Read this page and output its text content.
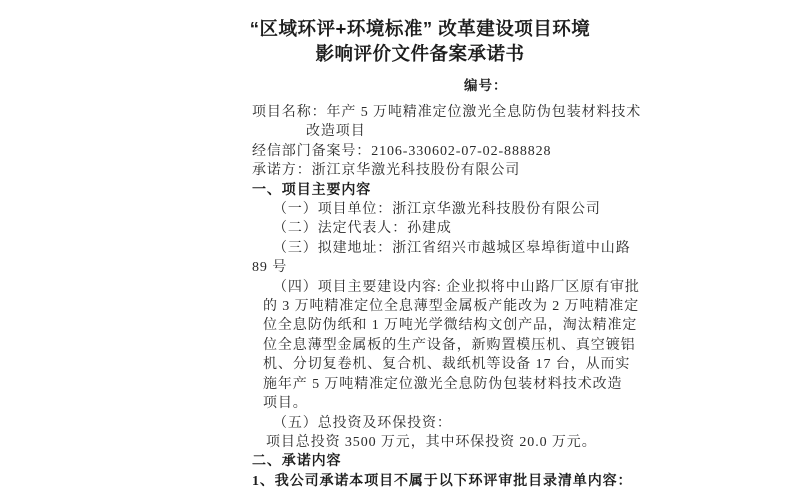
“区域环评+环境标准” 改革建设项目环境
影响评价文件备案承诺书
编号：
项目名称：年产 5 万吨精准定位激光全息防伪包装材料技术
改造项目
经信部门备案号：2106-330602-07-02-888828
承诺方：浙江京华激光科技股份有限公司
一、项目主要内容
（一）项目单位：浙江京华激光科技股份有限公司
（二）法定代表人：孙建成
（三）拟建地址：浙江省绍兴市越城区皋埠街道中山路
89 号
（四）项目主要建设内容: 企业拟将中山路厂区原有审批
的 3 万吨精准定位全息薄型金属板产能改为 2 万吨精准定
位全息防伪纸和 1 万吨光学微结构文创产品，淘汰精准定
位全息薄型金属板的生产设备，新购置模压机、真空镀铝
机、分切复卷机、复合机、裁纸机等设备 17 台，从而实
施年产 5 万吨精准定位激光全息防伪包装材料技术改造
项目。
（五）总投资及环保投资：
项目总投资 3500 万元，其中环保投资 20.0 万元。
二、承诺内容
1、我公司承诺本项目不属于以下环评审批目录清单内容：
